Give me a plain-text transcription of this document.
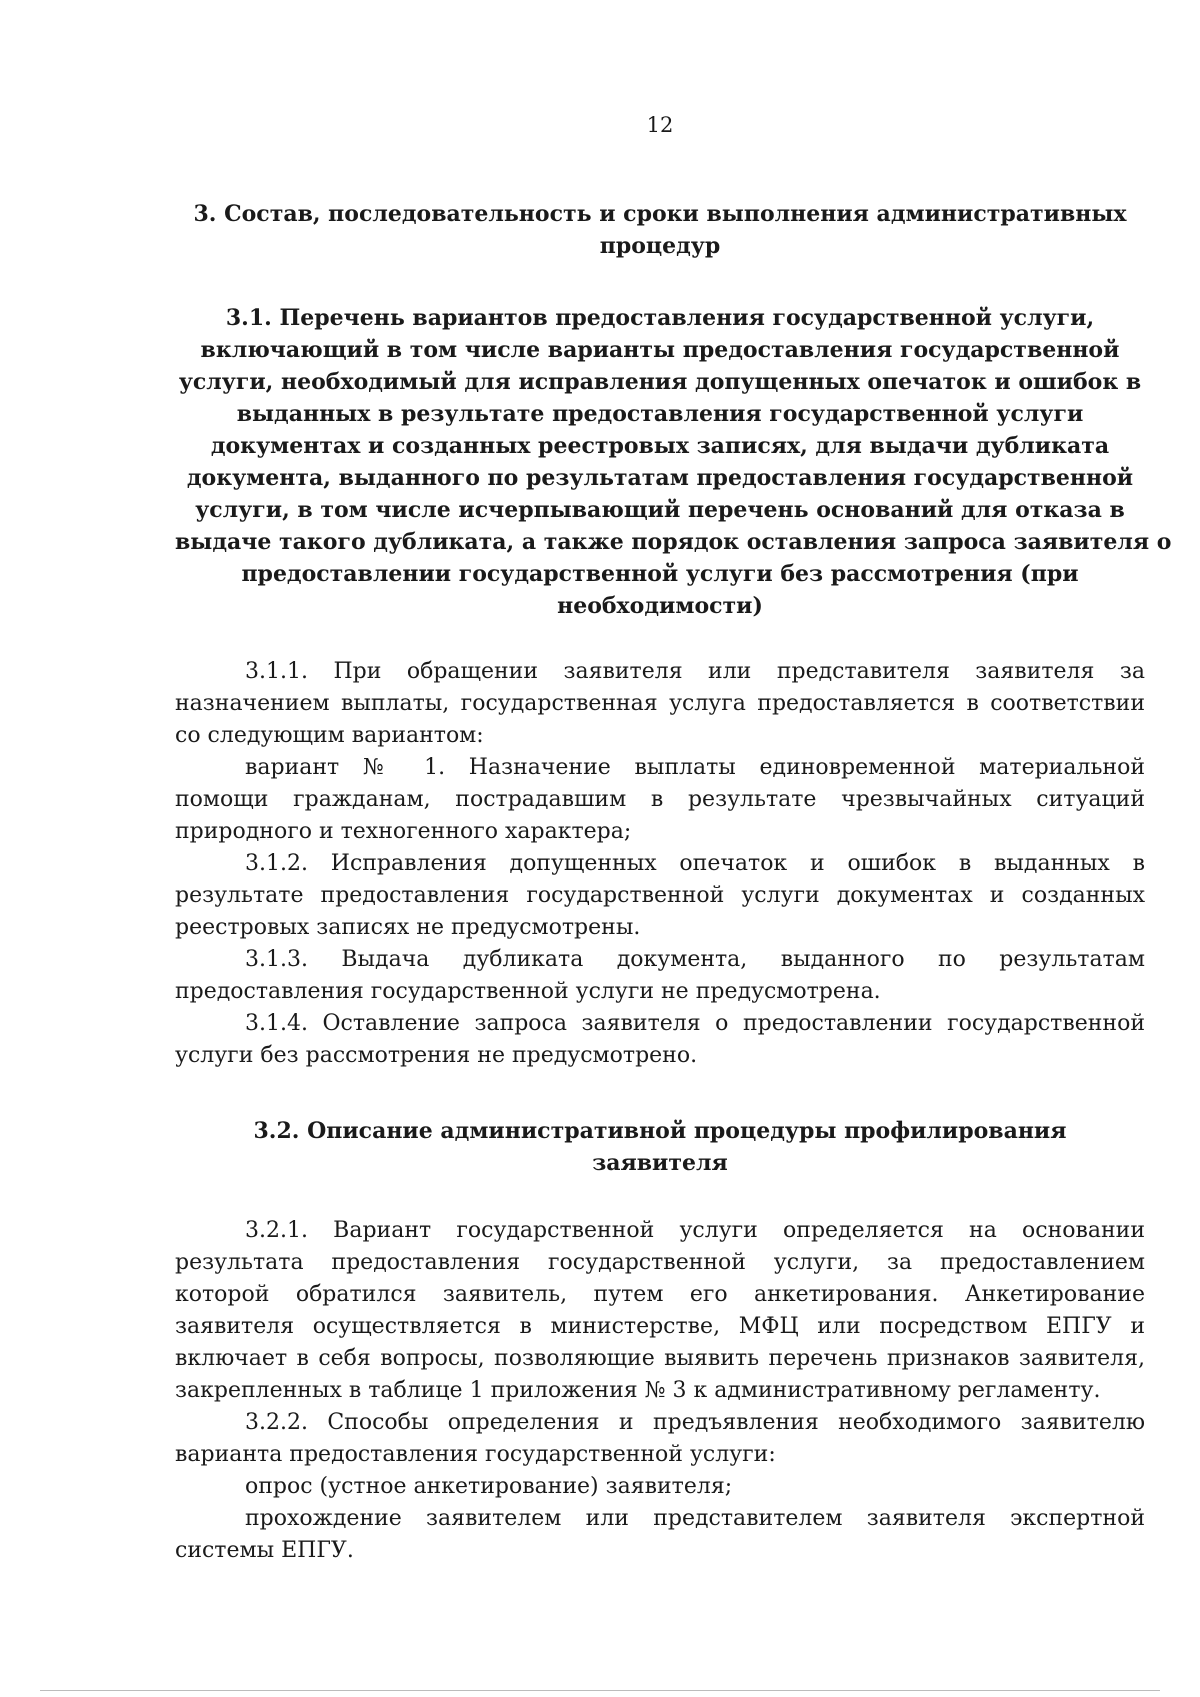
12
3. Состав, последовательность и сроки выполнения административных
процедур
3.1. Перечень вариантов предоставления государственной услуги,
включающий в том числе варианты предоставления государственной
услуги, необходимый для исправления допущенных опечаток и ошибок в
выданных в результате предоставления государственной услуги
документах и созданных реестровых записях, для выдачи дубликата
документа, выданного по результатам предоставления государственной
услуги, в том числе исчерпывающий перечень оснований для отказа в
выдаче такого дубликата, а также порядок оставления запроса заявителя о
предоставлении государственной услуги без рассмотрения (при
необходимости)

3.1.1. При обращении заявителя или представителя заявителя за
назначением выплаты, государственная услуга предоставляется в соответствии
со следующим вариантом:

вариант № 1. Назначение выплаты единовременной материальной
помощи гражданам, пострадавшим в результате чрезвычайных ситуаций
природного и техногенного характера;

3.1.2. Исправления допущенных опечаток и ошибок в выданных в
результате предоставления государственной услуги документах и созданных
реестровых записях не предусмотрены.

3.1.3. Выдача дубликата документа, выданного по результатам
предоставления государственной услуги не предусмотрена.

3.1.4. Оставление запроса заявителя о предоставлении государственной
услуги без рассмотрения не предусмотрено.

3.2. Описание административной процедуры профилирования
заявителя

3.2.1. Вариант государственной услуги определяется на основании
результата предоставления государственной услуги, за предоставлением
которой обратился заявитель, путем его анкетирования. Анкетирование
заявителя осуществляется в министерстве, МФЦ или посредством ЕПГУ и
включает в себя вопросы, позволяющие выявить перечень признаков заявителя,
закрепленных в таблице 1 приложения № 3 к административному регламенту.

3.2.2. Способы определения и предъявления необходимого заявителю
варианта предоставления государственной услуги:

опрос (устное анкетирование) заявителя;

прохождение заявителем или представителем заявителя экспертной
системы ЕПГУ.
